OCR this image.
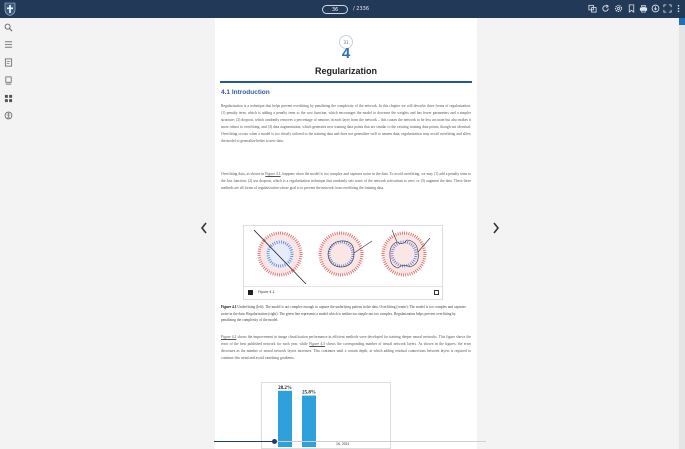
36	/ 2336
31
4
Regularization
4.1 Introduction
Regularization is a technique that helps prevent overfitting by penalizing the complexity of the network. In this chapter we will describe three forms of regularization: (1) penalty term, which is adding a penalty term to the cost function, which encourages the model to decrease the weights and has fewer parameters and a simpler structure; (2) dropout, which randomly removes a percentage of neurons in each layer from the network – this causes the network to be less accurate but also makes it more robust to overfitting; and (3) data augmentation, which generates new training data points that are similar to the existing training data points, though not identical. Overfitting occurs when a model is too closely tailored to the training data and does not generalize well to unseen data; regularization may avoid overfitting and allow the model to generalize better to new data.
Overfitting data, as shown in Figure 4.1, happens when the model is too complex and captures noise in the data. To avoid overfitting, we may (1) add a penalty term to the loss function; (2) use dropout, which is a regularization technique that randomly sets some of the network activations to zero; or (3) augment the data. These three methods are all forms of regularization whose goal is to prevent the network from overfitting the training data.
Figure 4.1
Figure 4.1 Underfitting (left): The model is not complex enough to capture the underlying pattern in the data. Overfitting (center): The model is too complex and captures noise in the data. Regularization (right): The green line represents a model which is neither too simple nor too complex. Regularization helps prevent overfitting by penalizing the complexity of the model.
Figure 4.2 shows the improvement in image classification performance in efficient methods were developed for training deeper neural networks. This figure shows the error of the best published network for each year, while Figure 4.3 shows the corresponding number of neural network layers. As shown in the figures, the error decreases as the number of neural network layers increases. This continues until a certain depth, at which adding residual connections between layers is required to continue this trend and avoid vanishing gradients.
28.2%
25.8%
16, 2011
